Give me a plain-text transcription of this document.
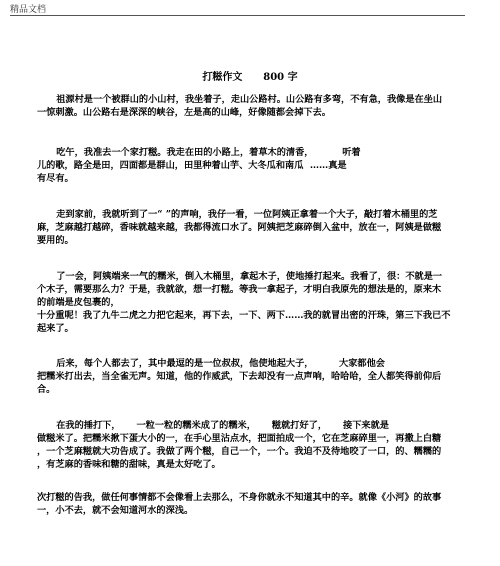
精品文档
打糍作文      800 字
祖源村是一个被群山的小山村，我坐着子，走山公路村。山公路有多弯，不有急，我像是在坐山
一惊刺激。山公路右是深深的峡谷，左是高的山峰，好像随都会掉下去。
吃午，我准去一个家打糍。我走在田的小路上，着草木的清香，         听着
儿的歌，路全是田，四面都是群山，田里种着山芋、大冬瓜和南瓜  ……真是
有尽有。
走到家前，我就听到了一“ ”的声响，我仔一看，一位阿姨正拿着一个大子，敲打着木桶里的芝
麻，芝麻越打越碎，香味就越来越，我都得流口水了。阿姨把芝麻碎倒入盆中，放在一，阿姨是做糍
要用的。
了一会，阿姨端来一气的糯米，倒入木桶里，拿起木子，使地捶打起来。我看了，很：不就是一
个木子，需要那么力？于是，我就欲，想一打糍。等我一拿起子，才明白我原先的想法是的，原来木
的前端是皮包裹的，
十分重呢！我了九牛二虎之力把它起来，再下去，一下、两下……我的就冒出密的汗珠，第三下我已不
起来了。
后来，每个人都去了，其中最逗的是一位叔叔，他使地起大子，        大家都他会
把糯米打出去，当全雀无声。知道，他的作威武，下去却没有一点声响，哈哈哈，全人都笑得前仰后
合。
在我的捶打下，     一粒一粒的糯米成了的糯米，     糍就打好了，     接下来就是
做糍米了。把糯米揪下蛋大小的一，在手心里沾点水，把面拍成一个，它在芝麻碎里一，再撒上白糖
，一个芝麻糍就大功告成了。我做了两个糍，自己一个，一个。我迫不及待地咬了一口，的、糯糯的
，有芝麻的香味和糖的甜味，真是太好吃了。
次打糍的告我，做任何事情都不会像看上去那么，不身你就永不知道其中的辛。就像《小河》的故事
一，小不去，就不会知道河水的深浅。
